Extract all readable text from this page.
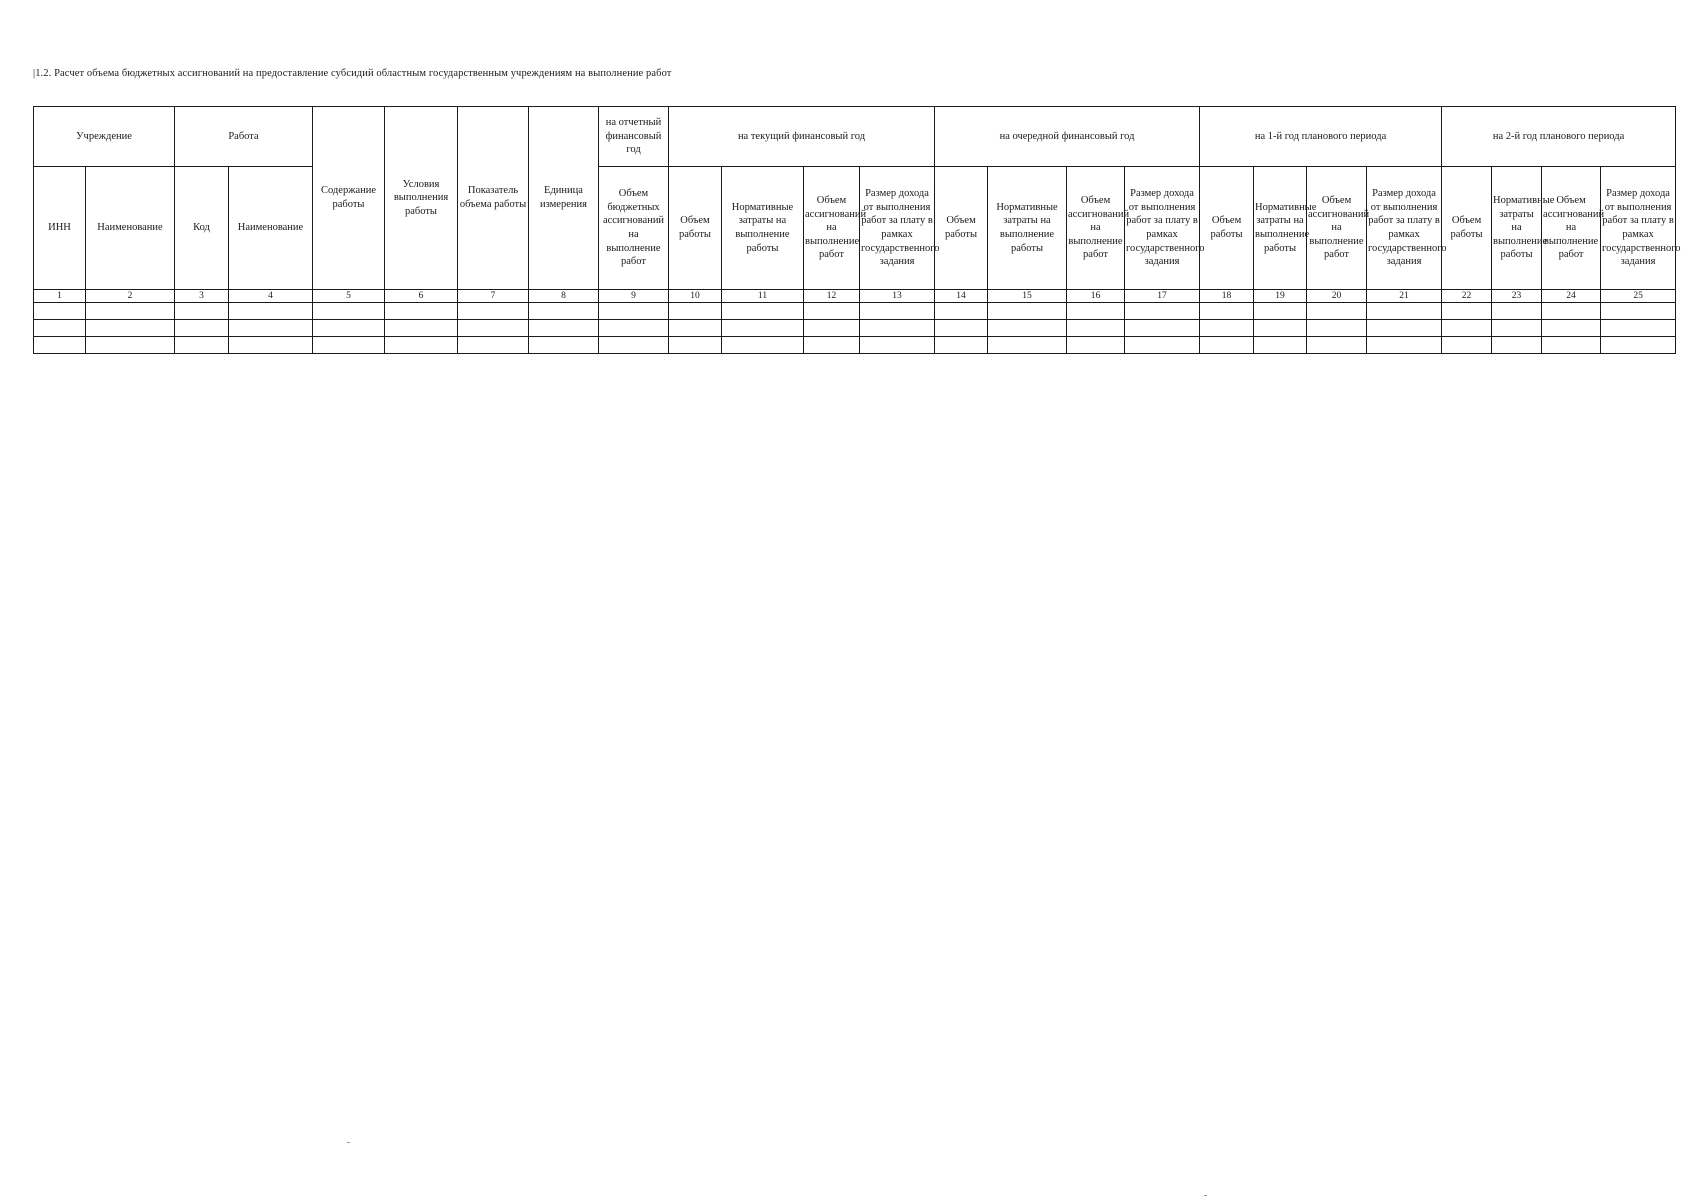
|1.2. Расчет объема бюджетных ассигнований на предоставление субсидий областным государственным учреждениям на выполнение работ
Учреждение		Работа		Содержание работы	Условия выполнения работы	Показатель объема работы	Единица измерения	на отчетный финансовый год	на текущий финансовый год				на очередной финансовый год				на 1-й год планового периода				на 2-й год планового периода			
ИНН	Наименование	Код	Наименование					Объем бюджетных ассигнований на выполнение работ	Объем работы	Нормативные затраты на выполнение работы	Объем ассигнований на выполнение работ	Размер дохода от выполнения работ за плату в рамках государственного задания	Объем работы	Нормативные затраты на выполнение работы	Объем ассигнований на выполнение работ	Размер дохода от выполнения работ за плату в рамках государственного задания	Объем работы	Нормативные затраты на выполнение работы	Объем ассигнований на выполнение работ	Размер дохода от выполнения работ за плату в рамках государственного задания	Объем работы	Нормативные затраты на выполнение работы	Объем ассигнований на выполнение работ	Размер дохода от выполнения работ за плату в рамках государственного задания
1	2	3	4	5	6	7	8	9	10	11	12	13	14	15	16	17	18	19	20	21	22	23	24	25
